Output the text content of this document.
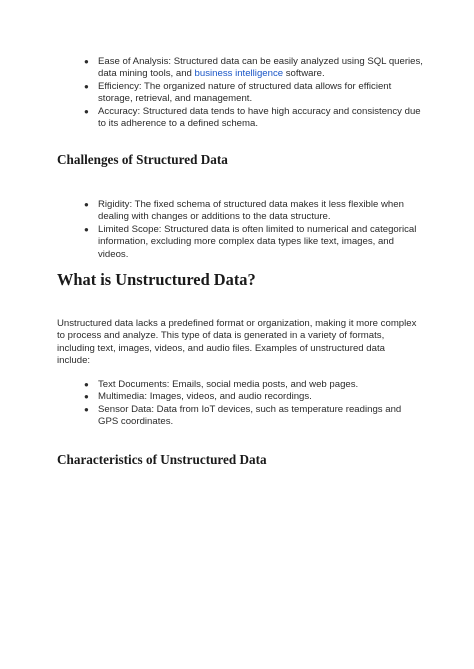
● Ease of Analysis: Structured data can be easily analyzed using SQL queries, data mining tools, and business intelligence software.
● Efficiency: The organized nature of structured data allows for efficient storage, retrieval, and management.
● Accuracy: Structured data tends to have high accuracy and consistency due to its adherence to a defined schema.
Challenges of Structured Data
● Rigidity: The fixed schema of structured data makes it less flexible when dealing with changes or additions to the data structure.
● Limited Scope: Structured data is often limited to numerical and categorical information, excluding more complex data types like text, images, and videos.
What is Unstructured Data?

Unstructured data lacks a predefined format or organization, making it more complex to process and analyze. This type of data is generated in a variety of formats, including text, images, videos, and audio files. Examples of unstructured data include:

● Text Documents: Emails, social media posts, and web pages.
● Multimedia: Images, videos, and audio recordings.
● Sensor Data: Data from IoT devices, such as temperature readings and GPS coordinates.
Characteristics of Unstructured Data
